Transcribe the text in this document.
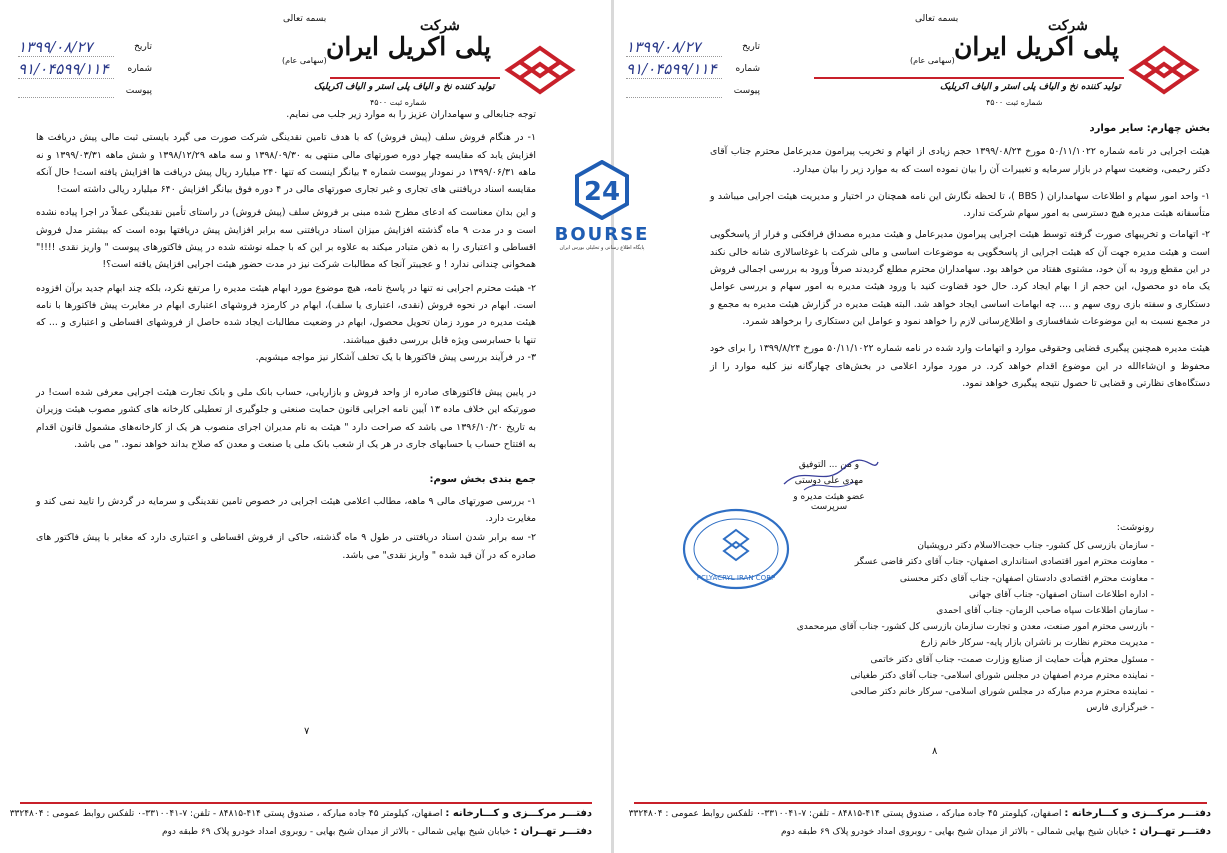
بسمه تعالی	شرکت
پلی اکریل ایران
(سهامی عام)
تولید کننده نخ و الیاف پلی استر و الیاف اکریلیک
شماره ثبت ۴۵۰۰
تاریخ
۱۳۹۹/۰۸/۲۷
شماره
۹۱/۰۴۵۹۹/۱۱۴
پیوست

توجه جنابعالی و سهامداران عزیز را به موارد زیر جلب می نمایم.

۱- در هنگام فروش سلف (پیش فروش) که با هدف تامین نقدینگی شرکت صورت می گیرد بایستی ثبت مالی پیش دریافت ها افزایش یابد که مقایسه چهار دوره صورتهای مالی منتهی به ۱۳۹۸/۰۹/۳۰ و سه ماهه ۱۳۹۸/۱۲/۲۹ و شش ماهه ۱۳۹۹/۰۳/۳۱ و نه ماهه ۱۳۹۹/۰۶/۳۱ در نمودار پیوست شماره ۴ بیانگر اینست که تنها ۲۴۰ میلیارد ریال پیش دریافت ها افزایش یافته است! حال آنکه مقایسه اسناد دریافتنی های تجاری و غیر تجاری صورتهای مالی در ۴ دوره فوق بیانگر افزایش ۶۴۰ میلیارد ریالی داشته است!

و این بدان معناست که ادعای مطرح شده مبنی بر فروش سلف (پیش فروش) در راستای تأمین نقدینگی عملاً در اجرا پیاده نشده است و در مدت ۹ ماه گذشته افزایش میزان اسناد دریافتنی سه برابر افزایش پیش دریافتها بوده است که بیشتر مدل فروش اقساطی و اعتباری را به ذهن متبادر میکند به علاوه بر این که با جمله نوشته شده در پیش فاکتورهای پیوست " واریز نقدی !!!!" همخوانی چندانی ندارد ! و عجیبتر آنجا که مطالبات شرکت نیز در مدت حضور هیئت اجرایی افزایش یافته است؟!

۲- هیئت محترم اجرایی نه تنها در پاسخ نامه، هیچ موضوع مورد ابهام هیئت مدیره را مرتفع نکرد، بلکه چند ابهام جدید برآن افزوده است. ابهام در نحوه فروش (نقدی، اعتباری یا سلف)، ابهام در کارمزد فروشهای اعتباری ابهام در مغایرت پیش فاکتورها با نامه هیئت مدیره در مورد زمان تحویل محصول، ابهام در وضعیت مطالبات ایجاد شده حاصل از فروشهای اقساطی و اعتباری و ... که تنها با حسابرسی ویژه قابل بررسی دقیق میباشند.

۳- در فرآیند بررسی پیش فاکتورها با یک تخلف آشکار نیز مواجه میشویم.

در پایین پیش فاکتورهای صادره از واحد فروش و بازاریابی، حساب بانک ملی و بانک تجارت هیئت اجرایی معرفی شده است! در صورتیکه این خلاف ماده ۱۳ آیین نامه اجرایی قانون حمایت صنعتی و جلوگیری از تعطیلی کارخانه های کشور مصوب هیئت وزیران به تاریخ ۱۳۹۶/۱۰/۲۰ می باشد که صراحت دارد " هیئت به نام مدیران اجرای منصوب هر یک از کارخانه‌های مشمول قانون اقدام به افتتاح حساب یا حسابهای جاری در هر یک از شعب بانک ملی یا صنعت و معدن که صلاح بداند خواهد نمود. " می باشد.

جمع بندی بخش سوم:

۱- بررسی صورتهای مالی ۹ ماهه، مطالب اعلامی هیئت اجرایی در خصوص تامین نقدینگی و سرمایه در گردش را تایید نمی کند و مغایرت دارد.

۲- سه برابر شدن اسناد دریافتنی در طول ۹ ماه گذشته، حاکی از فروش اقساطی و اعتباری دارد که مغایر با پیش فاکتور های صادره که در آن قید شده " واریز نقدی" می باشد.

۷
دفتـــر مرکـــزی و کـــارخانه : اصفهان، کیلومتر ۴۵ جاده مبارکه ، صندوق پستی ۴۱۴-۸۴۸۱۵ - تلفن: ۷-۳۳۱۰۰۴۱-۰ تلفکس روابط عمومی : ۳۳۲۴۸۰۴
دفتـــر تهــران : خیابان شیخ بهایی شمالی - بالاتر از میدان شیخ بهایی - روبروی امداد خودرو پلاک ۶۹ طبقه دوم
بسمه تعالی	شرکت
پلی اکریل ایران
(سهامی عام)
تولید کننده نخ و الیاف پلی استر و الیاف اکریلیک
شماره ثبت ۴۵۰۰
تاریخ
۱۳۹۹/۰۸/۲۷
شماره
۹۱/۰۴۵۹۹/۱۱۴
پیوست

بخش چهارم: سایر موارد

هیئت اجرایی در نامه شماره ۵۰/۱۱/۱۰۲۲ مورخ ۱۳۹۹/۰۸/۲۴ حجم زیادی از اتهام و تخریب پیرامون مدیرعامل محترم جناب آقای دکتر رحیمی، وضعیت سهام در بازار سرمایه و تغییرات آن را بیان نموده است که به موارد زیر را بیان میدارد.

۱- واحد امور سهام و اطلاعات سهامداران ( BBS )، تا لحظه نگارش این نامه همچنان در اختیار و مدیریت هیئت اجرایی میباشد و متأسفانه هیئت مدیره هیچ دسترسی به امور سهام شرکت ندارد.

۲- اتهامات و تخریبهای صورت گرفته توسط هیئت اجرایی پیرامون مدیرعامل و هیئت مدیره مصداق فرافکنی و فرار از پاسخگویی است و هیئت مدیره جهت آن که هیئت اجرایی از پاسخگویی به موضوعات اساسی و مالی شرکت با غوغاسالاری شانه خالی نکند در این مقطع ورود به آن خود، مشتوی هفتاد من خواهد بود. سهامداران محترم مطلع گردیدند صرفاً ورود به بررسی اجمالی فروش یک ماه دو محصول، این حجم از ا بهام ایجاد کرد. حال خود قضاوت کنید با ورود هیئت مدیره به امور سهام و بررسی عوامل دستکاری و سفته بازی روی سهم و .... چه ابهامات اساسی ایجاد خواهد شد. البته هیئت مدیره در گزارش هیئت مدیره به مجمع و در مجمع نسبت به این موضوعات شفافسازی و اطلاع‌رسانی لازم را خواهد نمود و عوامل این دستکاری را برخواهد شمرد.

هیئت مدیره همچنین پیگیری قضایی وحقوقی موارد و اتهامات وارد شده در نامه شماره ۵۰/۱۱/۱۰۲۲ مورخ ۱۳۹۹/۸/۲۴ را برای خود محفوظ و ان‌شاءالله در این موضوع اقدام خواهد کرد. در مورد موارد اعلامی در بخش‌های چهارگانه نیز کلیه موارد را از دستگاه‌های نظارتی و قضایی تا حصول نتیجه پیگیری خواهد نمود.

و من ... التوفیق
مهدی علی دوستی
عضو هیئت مدیره و سرپرست
PCLYACRYL IRAN CORP
رونوشت:
- سازمان بازرسی کل کشور- جناب حجت‌الاسلام دکتر درویشیان
- معاونت محترم امور اقتصادی استانداری اصفهان- جناب آقای دکتر قاضی عسگر
- معاونت محترم اقتصادی دادستان اصفهان- جناب آقای دکتر محسنی
- اداره اطلاعات استان اصفهان- جناب آقای جهانی
- سازمان اطلاعات سپاه صاحب الزمان- جناب آقای احمدی
- بازرسی محترم امور صنعت، معدن و تجارت سازمان بازرسی کل کشور- جناب آقای میرمحمدی
- مدیریت محترم نظارت بر ناشران بازار پایه- سرکار خانم زارع
- مسئول محترم هیأت حمایت از صنایع وزارت صمت- جناب آقای دکتر خاتمی
- نماینده محترم مردم اصفهان در مجلس شورای اسلامی- جناب آقای دکتر طغیانی
- نماینده محترم مردم مبارکه در مجلس شورای اسلامی- سرکار خانم دکتر صالحی
- خبرگزاری فارس
۸
دفتـــر مرکـــزی و کـــارخانه : اصفهان، کیلومتر ۴۵ جاده مبارکه ، صندوق پستی ۴۱۴-۸۴۸۱۵ - تلفن: ۷-۳۳۱۰۰۴۱-۰ تلفکس روابط عمومی : ۳۳۲۴۸۰۴
دفتـــر تهــران : خیابان شیخ بهایی شمالی - بالاتر از میدان شیخ بهایی - روبروی امداد خودرو پلاک ۶۹ طبقه دوم
24
BOURSE
پایگاه اطلاع رسانی و تحلیلی بورس ایران
